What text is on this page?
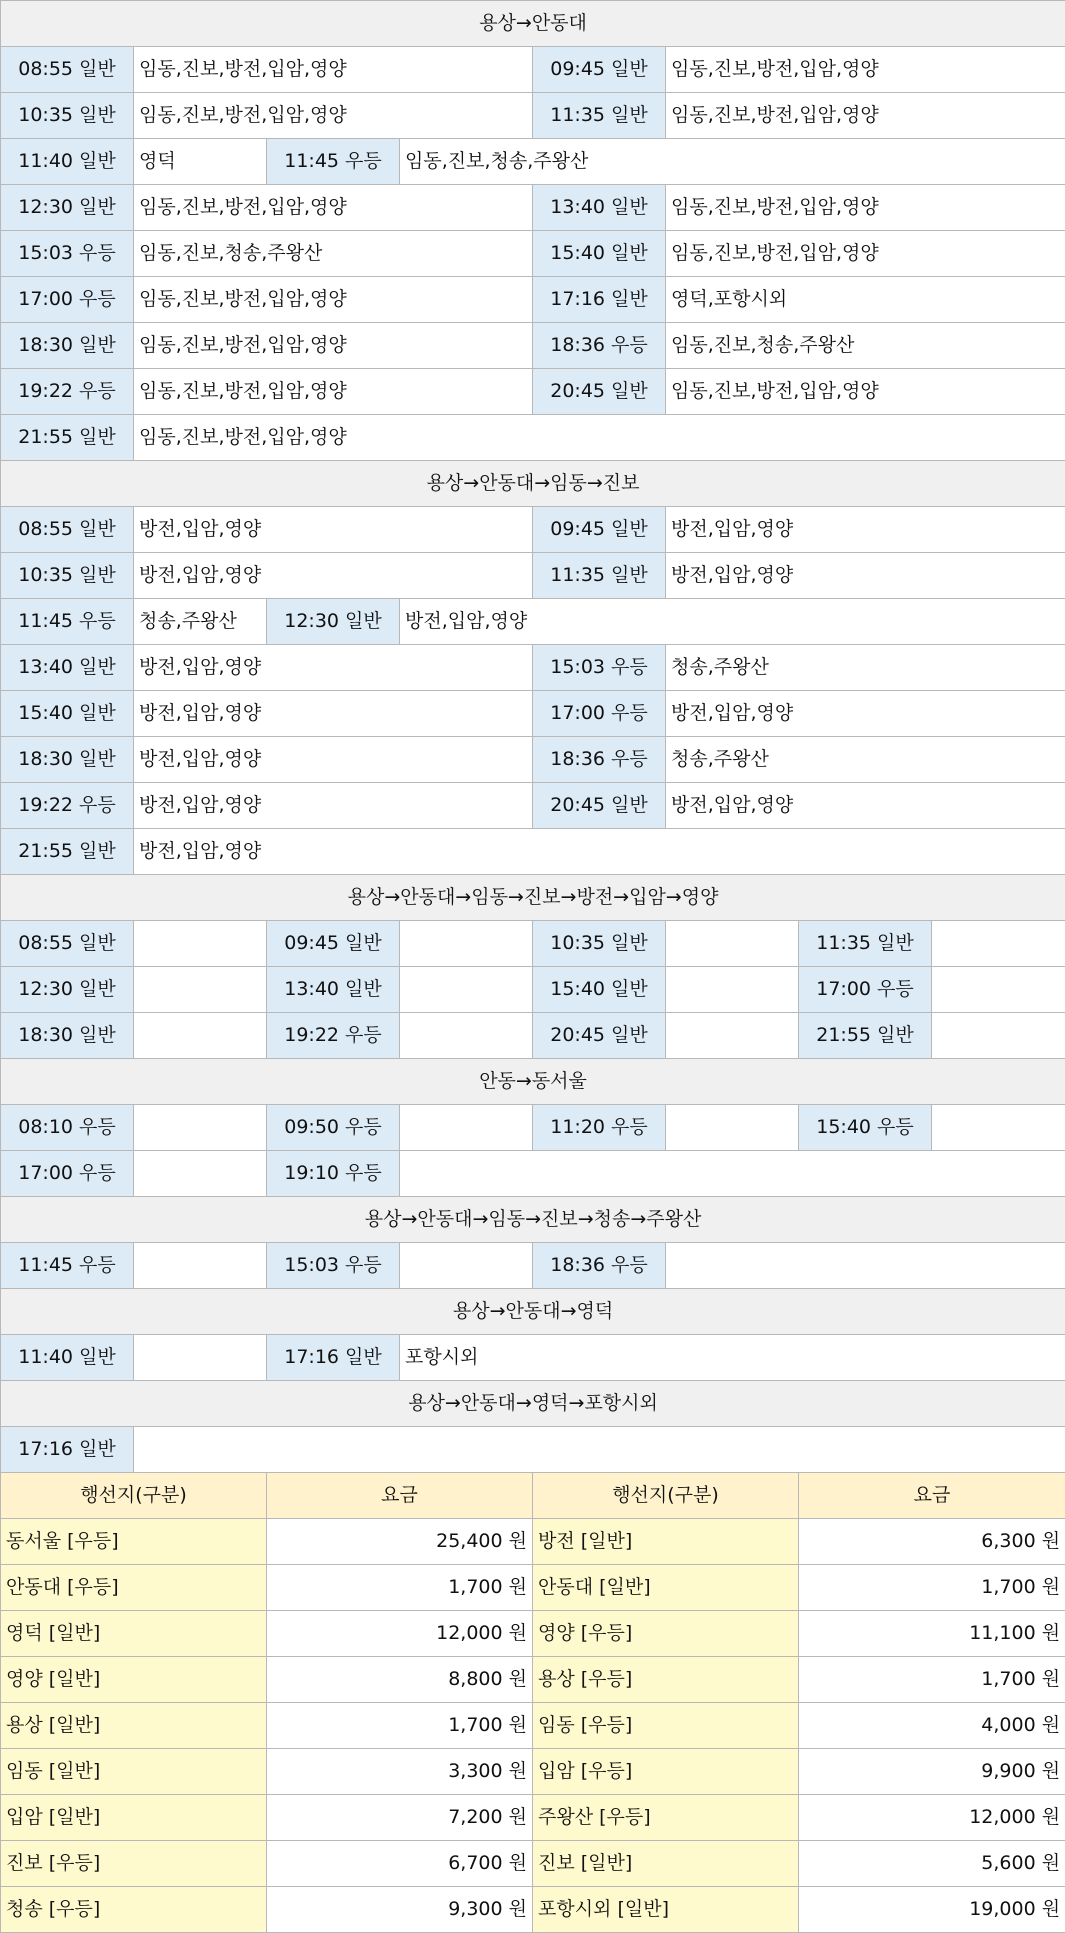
용상→안동대							
08:55 일반	임동,진보,방전,입암,영양			09:45 일반	임동,진보,방전,입암,영양		
10:35 일반	임동,진보,방전,입암,영양			11:35 일반	임동,진보,방전,입암,영양		
11:40 일반	영덕	11:45 우등	임동,진보,청송,주왕산				
12:30 일반	임동,진보,방전,입암,영양			13:40 일반	임동,진보,방전,입암,영양		
15:03 우등	임동,진보,청송,주왕산			15:40 일반	임동,진보,방전,입암,영양		
17:00 우등	임동,진보,방전,입암,영양			17:16 일반	영덕,포항시외		
18:30 일반	임동,진보,방전,입암,영양			18:36 우등	임동,진보,청송,주왕산		
19:22 우등	임동,진보,방전,입암,영양			20:45 일반	임동,진보,방전,입암,영양		
21:55 일반	임동,진보,방전,입암,영양						
용상→안동대→임동→진보							
08:55 일반	방전,입암,영양			09:45 일반	방전,입암,영양		
10:35 일반	방전,입암,영양			11:35 일반	방전,입암,영양		
11:45 우등	청송,주왕산	12:30 일반	방전,입암,영양				
13:40 일반	방전,입암,영양			15:03 우등	청송,주왕산		
15:40 일반	방전,입암,영양			17:00 우등	방전,입암,영양		
18:30 일반	방전,입암,영양			18:36 우등	청송,주왕산		
19:22 우등	방전,입암,영양			20:45 일반	방전,입암,영양		
21:55 일반	방전,입암,영양						
용상→안동대→임동→진보→방전→입암→영양							
08:55 일반		09:45 일반		10:35 일반		11:35 일반	
12:30 일반		13:40 일반		15:40 일반		17:00 우등	
18:30 일반		19:22 우등		20:45 일반		21:55 일반	
안동→동서울							
08:10 우등		09:50 우등		11:20 우등		15:40 우등	
17:00 우등		19:10 우등					
용상→안동대→임동→진보→청송→주왕산							
11:45 우등		15:03 우등		18:36 우등			
용상→안동대→영덕							
11:40 일반		17:16 일반	포항시외				
용상→안동대→영덕→포항시외							
17:16 일반							
행선지(구분)		요금		행선지(구분)		요금	
동서울 [우등]		25,400 원		방전 [일반]		6,300 원	
안동대 [우등]		1,700 원		안동대 [일반]		1,700 원	
영덕 [일반]		12,000 원		영양 [우등]		11,100 원	
영양 [일반]		8,800 원		용상 [우등]		1,700 원	
용상 [일반]		1,700 원		임동 [우등]		4,000 원	
임동 [일반]		3,300 원		입암 [우등]		9,900 원	
입암 [일반]		7,200 원		주왕산 [우등]		12,000 원	
진보 [우등]		6,700 원		진보 [일반]		5,600 원	
청송 [우등]		9,300 원		포항시외 [일반]		19,000 원	
